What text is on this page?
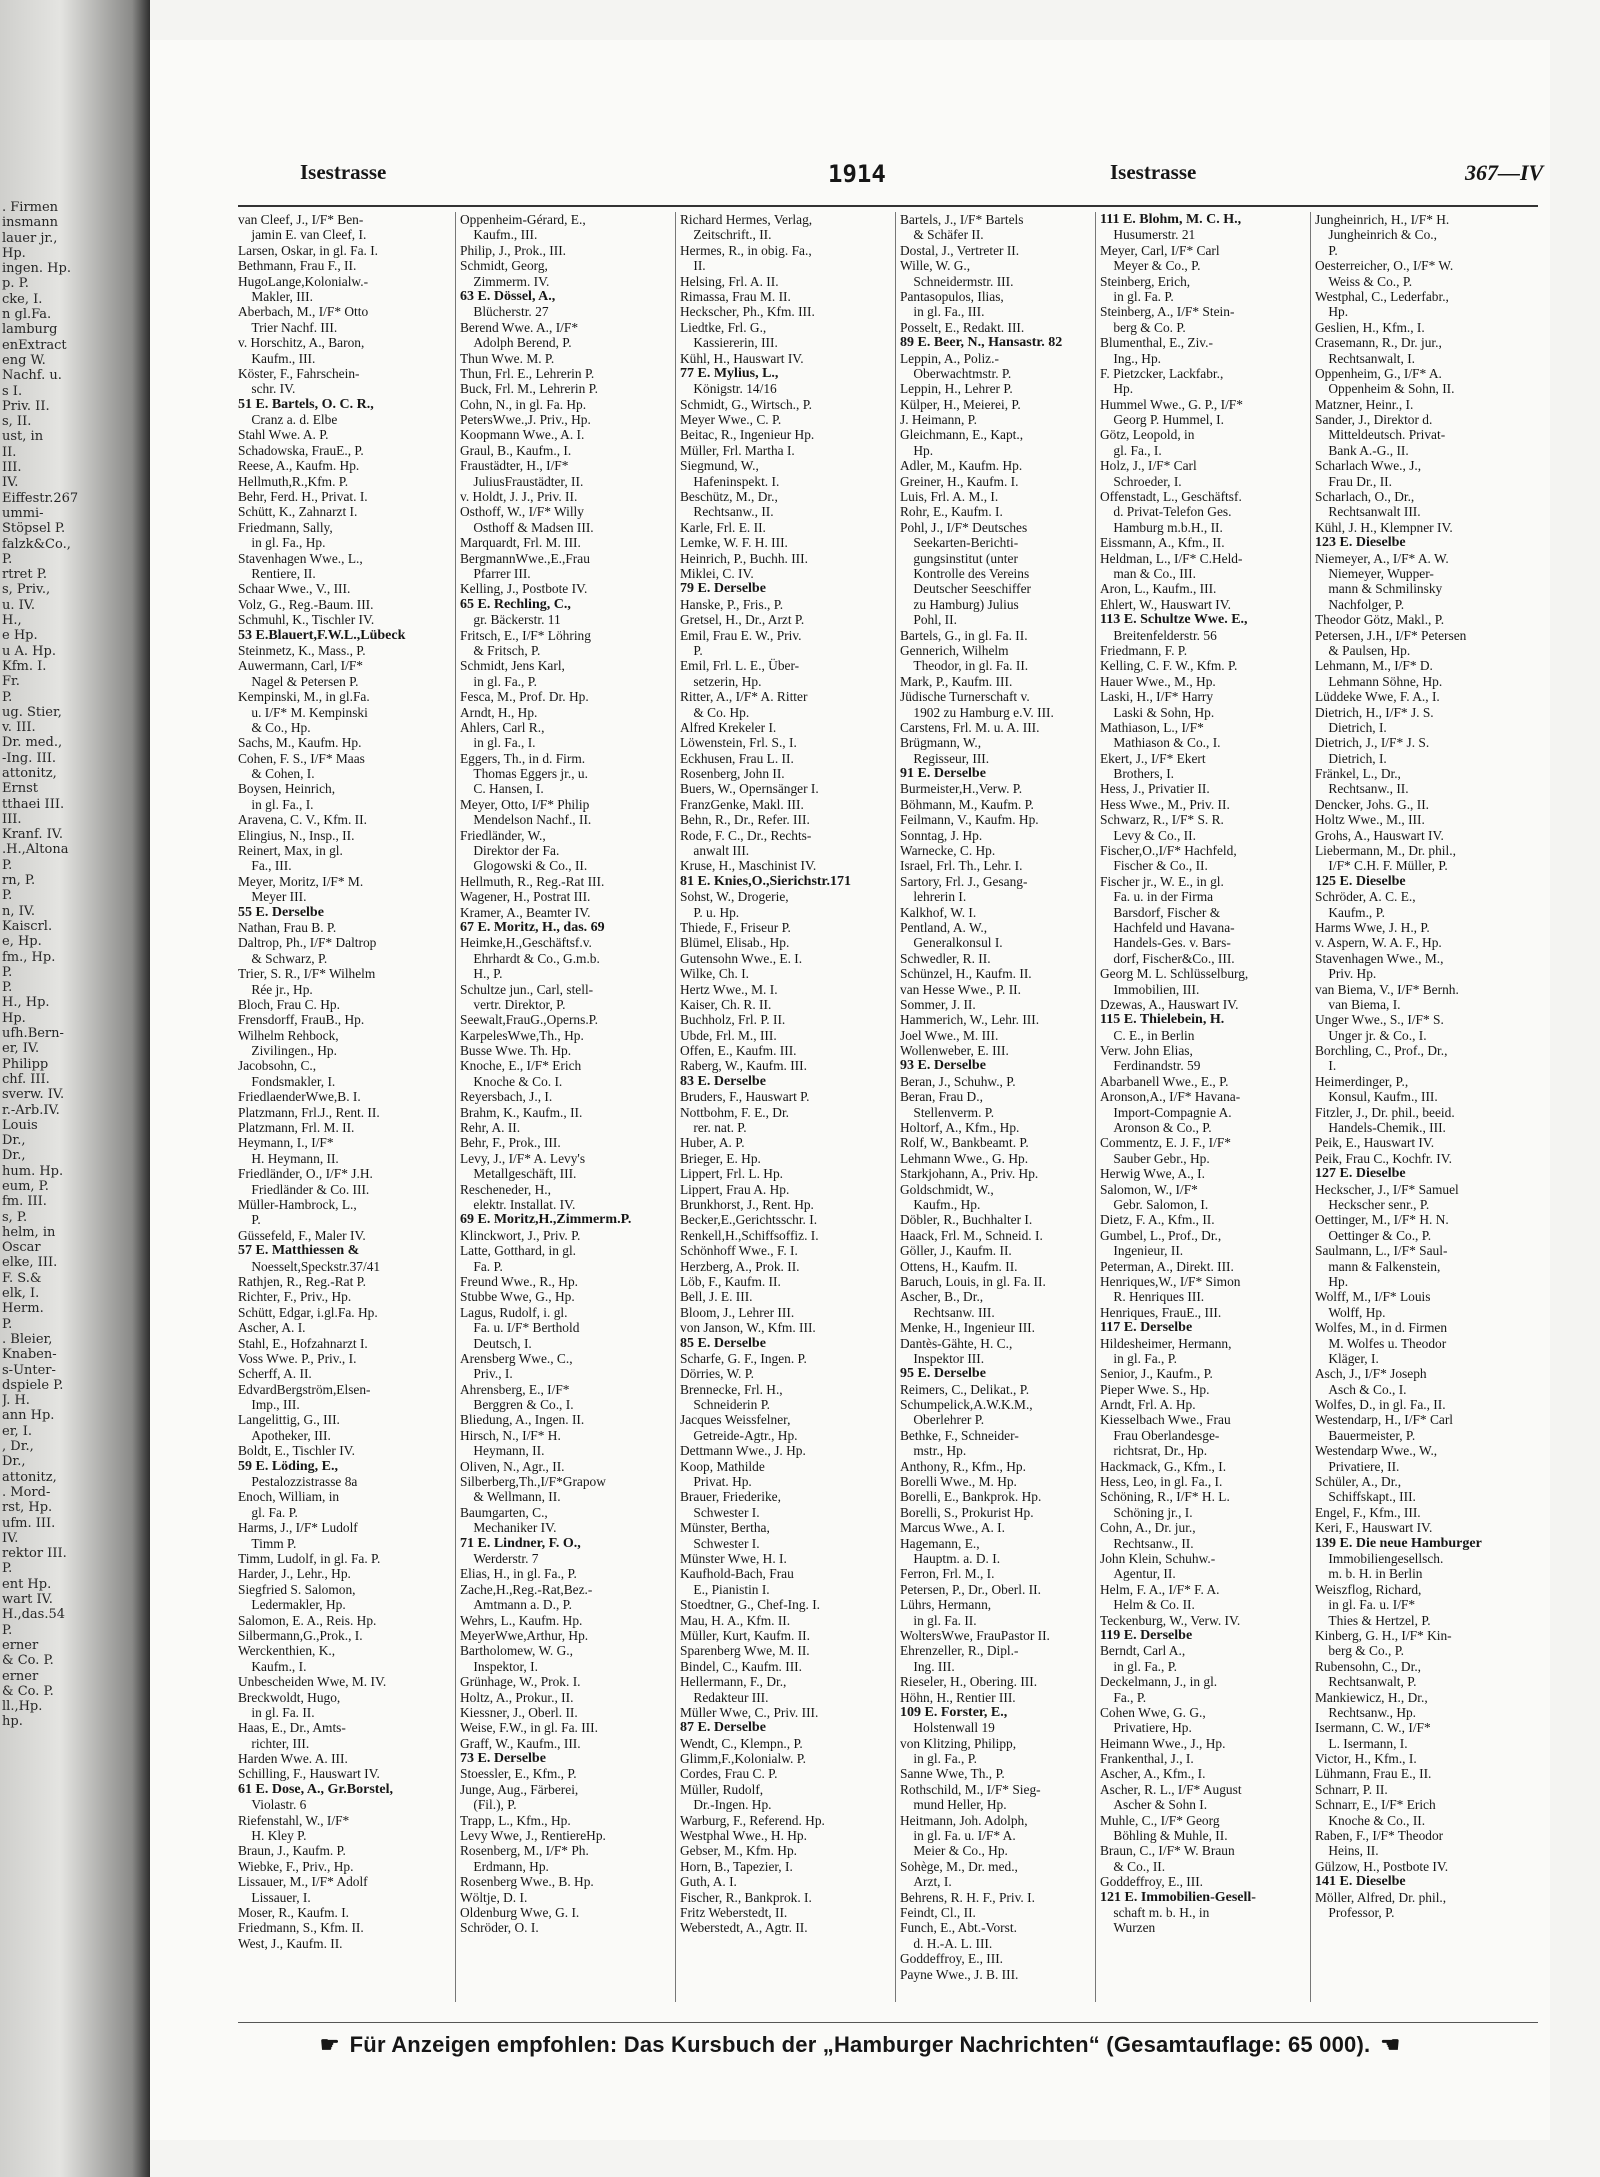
. Firmen
insmann
lauer jr.,
Hp.
ingen. Hp.
p. P.
cke, I.
n gl.Fa.
lamburg
enExtract
eng W.
Nachf. u.
s I.
Priv. II.
s, II.
ust, in
II.
III.
IV.
Eiffestr.267
ummi-
Stöpsel P.
falzk&Co.,
P.
rtret P.
s, Priv.,
u. IV.
H.,
e Hp.
u A. Hp.
Kfm. I.
Fr.
P.
ug. Stier,
v. III.
Dr. med.,
-Ing. III.
attonitz,
Ernst
tthaei III.
III.
Kranf. IV.
.H.,Altona
P.
rn, P.
P.
n, IV.
Kaiscrl.
e, Hp.
fm., Hp.
P.
P.
H., Hp.
Hp.
ufh.Bern-
er, IV.
Philipp
chf. III.
sverw. IV.
r.-Arb.IV.
Louis
Dr.,
Dr.,
hum. Hp.
eum, P.
fm. III.
s, P.
helm, in
Oscar
elke, III.
F. S.&
elk, I.
Herm.
P.
. Bleier,
Knaben-
s-Unter-
dspiele P.
J. H.
ann Hp.
er, I.
, Dr.,
Dr.,
attonitz,
. Mord-
rst, Hp.
ufm. III.
IV.
rektor III.
P.
ent Hp.
wart IV.
H.,das.54
P.
erner
& Co. P.
erner
& Co. P.
ll.,Hp.
hp.
Isestrasse	1914	Isestrasse	367—IV
van Cleef, J., I/F* Ben-
 jamin E. van Cleef, I.
Larsen, Oskar, in gl. Fa. I.
Bethmann, Frau F., II.
HugoLange,Kolonialw.-
 Makler, III.
Aberbach, M., I/F* Otto
 Trier Nachf. III.
v. Horschitz, A., Baron,
 Kaufm., III.
Köster, F., Fahrschein-
 schr. IV.
51 E. Bartels, O. C. R.,
 Cranz a. d. Elbe
Stahl Wwe. A. P.
Schadowska, FrauE., P.
Reese, A., Kaufm. Hp.
Hellmuth,R.,Kfm. P.
Behr, Ferd. H., Privat. I.
Schütt, K., Zahnarzt I.
Friedmann, Sally,
 in gl. Fa., Hp.
Stavenhagen Wwe., L.,
 Rentiere, II.
Schaar Wwe., V., III.
Volz, G., Reg.-Baum. III.
Schmuhl, K., Tischler IV.
53 E.Blauert,F.W.L.,Lübeck
Steinmetz, K., Mass., P.
Auwermann, Carl, I/F*
 Nagel & Petersen P.
Kempinski, M., in gl.Fa.
 u. I/F* M. Kempinski
 & Co., Hp.
Sachs, M., Kaufm. Hp.
Cohen, F. S., I/F* Maas
 & Cohen, I.
Boysen, Heinrich,
 in gl. Fa., I.
Aravena, C. V., Kfm. II.
Elingius, N., Insp., II.
Reinert, Max, in gl.
 Fa., III.
Meyer, Moritz, I/F* M.
 Meyer III.
55 E. Derselbe
Nathan, Frau B. P.
Daltrop, Ph., I/F* Daltrop
 & Schwarz, P.
Trier, S. R., I/F* Wilhelm
 Rée jr., Hp.
Bloch, Frau C. Hp.
Frensdorff, FrauB., Hp.
Wilhelm Rehbock,
 Zivilingen., Hp.
Jacobsohn, C.,
 Fondsmakler, I.
FriedlaenderWwe,B. I.
Platzmann, Frl.J., Rent. II.
Platzmann, Frl. M. II.
Heymann, I., I/F*
 H. Heymann, II.
Friedländer, O., I/F* J.H.
 Friedländer & Co. III.
Müller-Hambrock, L.,
 P.
Güssefeld, F., Maler IV.
57 E. Matthiessen &
 Noesselt,Speckstr.37/41
Rathjen, R., Reg.-Rat P.
Richter, F., Priv., Hp.
Schütt, Edgar, i.gl.Fa. Hp.
Ascher, A. I.
Stahl, E., Hofzahnarzt I.
Voss Wwe. P., Priv., I.
Scherff, A. II.
EdvardBergström,Elsen-
 Imp., III.
Langelittig, G., III.
 Apotheker, III.
Boldt, E., Tischler IV.
59 E. Löding, E.,
 Pestalozzistrasse 8a
Enoch, William, in
 gl. Fa. P.
Harms, J., I/F* Ludolf
 Timm P.
Timm, Ludolf, in gl. Fa. P.
Harder, J., Lehr., Hp.
Siegfried S. Salomon,
 Ledermakler, Hp.
Salomon, E. A., Reis. Hp.
Silbermann,G.,Prok., I.
Werckenthien, K.,
 Kaufm., I.
Unbescheiden Wwe, M. IV.
Breckwoldt, Hugo,
 in gl. Fa. II.
Haas, E., Dr., Amts-
 richter, III.
Harden Wwe. A. III.
Schilling, F., Hauswart IV.
61 E. Dose, A., Gr.Borstel,
 Violastr. 6
Riefenstahl, W., I/F*
 H. Kley P.
Braun, J., Kaufm. P.
Wiebke, F., Priv., Hp.
Lissauer, M., I/F* Adolf
 Lissauer, I.
Moser, R., Kaufm. I.
Friedmann, S., Kfm. II.
West, J., Kaufm. II.
Oppenheim-Gérard, E.,
 Kaufm., III.
Philip, J., Prok., III.
Schmidt, Georg,
 Zimmerm. IV.
63 E. Dössel, A.,
 Blücherstr. 27
Berend Wwe. A., I/F*
 Adolph Berend, P.
Thun Wwe. M. P.
Thun, Frl. E., Lehrerin P.
Buck, Frl. M., Lehrerin P.
Cohn, N., in gl. Fa. Hp.
PetersWwe.,J. Priv., Hp.
Koopmann Wwe., A. I.
Graul, B., Kaufm., I.
Fraustädter, H., I/F*
 JuliusFraustädter, II.
v. Holdt, J. J., Priv. II.
Osthoff, W., I/F* Willy
 Osthoff & Madsen III.
Marquardt, Frl. M. III.
BergmannWwe.,E.,Frau
 Pfarrer III.
Kelling, J., Postbote IV.
65 E. Rechling, C.,
 gr. Bäckerstr. 11
Fritsch, E., I/F* Löhring
 & Fritsch, P.
Schmidt, Jens Karl,
 in gl. Fa., P.
Fesca, M., Prof. Dr. Hp.
Arndt, H., Hp.
Ahlers, Carl R.,
 in gl. Fa., I.
Eggers, Th., in d. Firm.
 Thomas Eggers jr., u.
 C. Hansen, I.
Meyer, Otto, I/F* Philip
 Mendelson Nachf., II.
Friedländer, W.,
 Direktor der Fa.
 Glogowski & Co., II.
Hellmuth, R., Reg.-Rat III.
Wagener, H., Postrat III.
Kramer, A., Beamter IV.
67 E. Moritz, H., das. 69
Heimke,H.,Geschäftsf.v.
 Ehrhardt & Co., G.m.b.
 H., P.
Schultze jun., Carl, stell-
 vertr. Direktor, P.
Seewalt,FrauG.,Operns.P.
KarpelesWwe,Th., Hp.
Busse Wwe. Th. Hp.
Knoche, E., I/F* Erich
 Knoche & Co. I.
Reyersbach, J., I.
Brahm, K., Kaufm., II.
Rehr, A. II.
Behr, F., Prok., III.
Levy, J., I/F* A. Levy's
 Metallgeschäft, III.
Rescheneder, H.,
 elektr. Installat. IV.
69 E. Moritz,H.,Zimmerm.P.
Klinckwort, J., Priv. P.
Latte, Gotthard, in gl.
 Fa. P.
Freund Wwe., R., Hp.
Stubbe Wwe, G., Hp.
Lagus, Rudolf, i. gl.
 Fa. u. I/F* Berthold
 Deutsch, I.
Arensberg Wwe., C.,
 Priv., I.
Ahrensberg, E., I/F*
 Berggren & Co., I.
Bliedung, A., Ingen. II.
Hirsch, N., I/F* H.
 Heymann, II.
Oliven, N., Agr., II.
Silberberg,Th.,I/F*Grapow
 & Wellmann, II.
Baumgarten, C.,
 Mechaniker IV.
71 E. Lindner, F. O.,
 Werderstr. 7
Elias, H., in gl. Fa., P.
Zache,H.,Reg.-Rat,Bez.-
 Amtmann a. D., P.
Wehrs, L., Kaufm. Hp.
MeyerWwe,Arthur, Hp.
Bartholomew, W. G.,
 Inspektor, I.
Grünhage, W., Prok. I.
Holtz, A., Prokur., II.
Kiessner, J., Oberl. II.
Weise, F.W., in gl. Fa. III.
Graff, W., Kaufm., III.
73 E. Derselbe
Stoessler, E., Kfm., P.
Junge, Aug., Färberei,
 (Fil.), P.
Trapp, L., Kfm., Hp.
Levy Wwe, J., RentiereHp.
Rosenberg, M., I/F* Ph.
 Erdmann, Hp.
Rosenberg Wwe., B. Hp.
Wöltje, D. I.
Oldenburg Wwe, G. I.
Schröder, O. I.
Richard Hermes, Verlag,
 Zeitschrift., II.
Hermes, R., in obig. Fa.,
 II.
Helsing, Frl. A. II.
Rimassa, Frau M. II.
Heckscher, Ph., Kfm. III.
Liedtke, Frl. G.,
 Kassiererin, III.
Kühl, H., Hauswart IV.
77 E. Mylius, L.,
 Königstr. 14/16
Schmidt, G., Wirtsch., P.
Meyer Wwe., C. P.
Beitac, R., Ingenieur Hp.
Müller, Frl. Martha I.
Siegmund, W.,
 Hafeninspekt. I.
Beschütz, M., Dr.,
 Rechtsanw., II.
Karle, Frl. E. II.
Lemke, W. F. H. III.
Heinrich, P., Buchh. III.
Miklei, C. IV.
79 E. Derselbe
Hanske, P., Fris., P.
Gretsel, H., Dr., Arzt P.
Emil, Frau E. W., Priv.
 P.
Emil, Frl. L. E., Über-
 setzerin, Hp.
Ritter, A., I/F* A. Ritter
 & Co. Hp.
Alfred Krekeler I.
Löwenstein, Frl. S., I.
Eckhusen, Frau L. II.
Rosenberg, John II.
Buers, W., Opernsänger I.
FranzGenke, Makl. III.
Behn, R., Dr., Refer. III.
Rode, F. C., Dr., Rechts-
 anwalt III.
Kruse, H., Maschinist IV.
81 E. Knies,O.,Sierichstr.171
Sohst, W., Drogerie,
 P. u. Hp.
Thiede, F., Friseur P.
Blümel, Elisab., Hp.
Gutensohn Wwe., E. I.
Wilke, Ch. I.
Hertz Wwe., M. I.
Kaiser, Ch. R. II.
Buchholz, Frl. P. II.
Ubde, Frl. M., III.
Offen, E., Kaufm. III.
Raberg, W., Kaufm. III.
83 E. Derselbe
Bruders, F., Hauswart P.
Nottbohm, F. E., Dr.
 rer. nat. P.
Huber, A. P.
Brieger, E. Hp.
Lippert, Frl. L. Hp.
Lippert, Frau A. Hp.
Brunkhorst, J., Rent. Hp.
Becker,E.,Gerichtsschr. I.
Renkell,H.,Schiffsoffiz. I.
Schönhoff Wwe., F. I.
Herzberg, A., Prok. II.
Löb, F., Kaufm. II.
Bell, J. E. III.
Bloom, J., Lehrer III.
von Janson, W., Kfm. III.
85 E. Derselbe
Scharfe, G. F., Ingen. P.
Dörries, W. P.
Brennecke, Frl. H.,
 Schneiderin P.
Jacques Weissfelner,
 Getreide-Agtr., Hp.
Dettmann Wwe., J. Hp.
Koop, Mathilde
 Privat. Hp.
Brauer, Friederike,
 Schwester I.
Münster, Bertha,
 Schwester I.
Münster Wwe, H. I.
Kaufhold-Bach, Frau
 E., Pianistin I.
Stoedtner, G., Chef-Ing. I.
Mau, H. A., Kfm. II.
Müller, Kurt, Kaufm. II.
Sparenberg Wwe, M. II.
Bindel, C., Kaufm. III.
Hellermann, F., Dr.,
 Redakteur III.
Müller Wwe, C., Priv. III.
87 E. Derselbe
Wendt, C., Klempn., P.
Glimm,F.,Kolonialw. P.
Cordes, Frau C. P.
Müller, Rudolf,
 Dr.-Ingen. Hp.
Warburg, F., Referend. Hp.
Westphal Wwe., H. Hp.
Gebser, M., Kfm. Hp.
Horn, B., Tapezier, I.
Guth, A. I.
Fischer, R., Bankprok. I.
Fritz Weberstedt, II.
Weberstedt, A., Agtr. II.
Bartels, J., I/F* Bartels
 & Schäfer II.
Dostal, J., Vertreter II.
Wille, W. G.,
 Schneidermstr. III.
Pantasopulos, Ilias,
 in gl. Fa., III.
Posselt, E., Redakt. III.
89 E. Beer, N., Hansastr. 82
Leppin, A., Poliz.-
 Oberwachtmstr. P.
Leppin, H., Lehrer P.
Külper, H., Meierei, P.
J. Heimann, P.
Gleichmann, E., Kapt.,
 Hp.
Adler, M., Kaufm. Hp.
Greiner, H., Kaufm. I.
Luis, Frl. A. M., I.
Rohr, E., Kaufm. I.
Pohl, J., I/F* Deutsches
 Seekarten-Berichti-
 gungsinstitut (unter
 Kontrolle des Vereins
 Deutscher Seeschiffer
 zu Hamburg) Julius
 Pohl, II.
Bartels, G., in gl. Fa. II.
Gennerich, Wilhelm
 Theodor, in gl. Fa. II.
Mark, P., Kaufm. III.
Jüdische Turnerschaft v.
 1902 zu Hamburg e.V. III.
Carstens, Frl. M. u. A. III.
Brügmann, W.,
 Regisseur, III.
91 E. Derselbe
Burmeister,H.,Verw. P.
Böhmann, M., Kaufm. P.
Feilmann, V., Kaufm. Hp.
Sonntag, J. Hp.
Warnecke, C. Hp.
Israel, Frl. Th., Lehr. I.
Sartory, Frl. J., Gesang-
 lehrerin I.
Kalkhof, W. I.
Pentland, A. W.,
 Generalkonsul I.
Schwedler, R. II.
Schünzel, H., Kaufm. II.
van Hesse Wwe., P. II.
Sommer, J. II.
Hammerich, W., Lehr. III.
Joel Wwe., M. III.
Wollenweber, E. III.
93 E. Derselbe
Beran, J., Schuhw., P.
Beran, Frau D.,
 Stellenverm. P.
Holtorf, A., Kfm., Hp.
Rolf, W., Bankbeamt. P.
Lehmann Wwe., G. Hp.
Starkjohann, A., Priv. Hp.
Goldschmidt, W.,
 Kaufm., Hp.
Döbler, R., Buchhalter I.
Haack, Frl. M., Schneid. I.
Göller, J., Kaufm. II.
Ottens, H., Kaufm. II.
Baruch, Louis, in gl. Fa. II.
Ascher, B., Dr.,
 Rechtsanw. III.
Menke, H., Ingenieur III.
Dantès-Gähte, H. C.,
 Inspektor III.
95 E. Derselbe
Reimers, C., Delikat., P.
Schumpelick,A.W.K.M.,
 Oberlehrer P.
Bethke, F., Schneider-
 mstr., Hp.
Anthony, R., Kfm., Hp.
Borelli Wwe., M. Hp.
Borelli, E., Bankprok. Hp.
Borelli, S., Prokurist Hp.
Marcus Wwe., A. I.
Hagemann, E.,
 Hauptm. a. D. I.
Ferron, Frl. M., I.
Petersen, P., Dr., Oberl. II.
Lührs, Hermann,
 in gl. Fa. II.
WoltersWwe, FrauPastor II.
Ehrenzeller, R., Dipl.-
 Ing. III.
Rieseler, H., Obering. III.
Höhn, H., Rentier III.
109 E. Forster, E.,
 Holstenwall 19
von Klitzing, Philipp,
 in gl. Fa., P.
Sanne Wwe, Th., P.
Rothschild, M., I/F* Sieg-
 mund Heller, Hp.
Heitmann, Joh. Adolph,
 in gl. Fa. u. I/F* A.
 Meier & Co., Hp.
Sohège, M., Dr. med.,
 Arzt, I.
Behrens, R. H. F., Priv. I.
Feindt, Cl., II.
Funch, E., Abt.-Vorst.
 d. H.-A. L. III.
Goddeffroy, E., III.
Payne Wwe., J. B. III.
111 E. Blohm, M. C. H.,
 Husumerstr. 21
Meyer, Carl, I/F* Carl
 Meyer & Co., P.
Steinberg, Erich,
 in gl. Fa. P.
Steinberg, A., I/F* Stein-
 berg & Co. P.
Blumenthal, E., Ziv.-
 Ing., Hp.
F. Pietzcker, Lackfabr.,
 Hp.
Hummel Wwe., G. P., I/F*
 Georg P. Hummel, I.
Götz, Leopold, in
 gl. Fa., I.
Holz, J., I/F* Carl
 Schroeder, I.
Offenstadt, L., Geschäftsf.
 d. Privat-Telefon Ges.
 Hamburg m.b.H., II.
Eissmann, A., Kfm., II.
Heldman, L., I/F* C.Held-
 man & Co., III.
Aron, L., Kaufm., III.
Ehlert, W., Hauswart IV.
113 E. Schultze Wwe. E.,
 Breitenfelderstr. 56
Friedmann, F. P.
Kelling, C. F. W., Kfm. P.
Hauer Wwe., M., Hp.
Laski, H., I/F* Harry
 Laski & Sohn, Hp.
Mathiason, L., I/F*
 Mathiason & Co., I.
Ekert, J., I/F* Ekert
 Brothers, I.
Hess, J., Privatier II.
Hess Wwe., M., Priv. II.
Schwarz, R., I/F* S. R.
 Levy & Co., II.
Fischer,O.,I/F* Hachfeld,
 Fischer & Co., II.
Fischer jr., W. E., in gl.
 Fa. u. in der Firma
 Barsdorf, Fischer &
 Hachfeld und Havana-
 Handels-Ges. v. Bars-
 dorf, Fischer&Co., III.
Georg M. L. Schlüsselburg,
 Immobilien, III.
Dzewas, A., Hauswart IV.
115 E. Thielebein, H.
 C. E., in Berlin
Verw. John Elias,
 Ferdinandstr. 59
Abarbanell Wwe., E., P.
Aronson,A., I/F* Havana-
 Import-Compagnie A.
 Aronson & Co., P.
Commentz, E. J. F., I/F*
 Sauber Gebr., Hp.
Herwig Wwe, A., I.
Salomon, W., I/F*
 Gebr. Salomon, I.
Dietz, F. A., Kfm., II.
Gumbel, L., Prof., Dr.,
 Ingenieur, II.
Peterman, A., Direkt. III.
Henriques,W., I/F* Simon
 R. Henriques III.
Henriques, FrauE., III.
117 E. Derselbe
Hildesheimer, Hermann,
 in gl. Fa., P.
Senior, J., Kaufm., P.
Pieper Wwe. S., Hp.
Arndt, Frl. A. Hp.
Kiesselbach Wwe., Frau
 Frau Oberlandesge-
 richtsrat, Dr., Hp.
Hackmack, G., Kfm., I.
Hess, Leo, in gl. Fa., I.
Schöning, R., I/F* H. L.
 Schöning jr., I.
Cohn, A., Dr. jur.,
 Rechtsanw., II.
John Klein, Schuhw.-
 Agentur, II.
Helm, F. A., I/F* F. A.
 Helm & Co. II.
Teckenburg, W., Verw. IV.
119 E. Derselbe
Berndt, Carl A.,
 in gl. Fa., P.
Deckelmann, J., in gl.
 Fa., P.
Cohen Wwe, G. G.,
 Privatiere, Hp.
Heimann Wwe., J., Hp.
Frankenthal, J., I.
Ascher, A., Kfm., I.
Ascher, R. L., I/F* August
 Ascher & Sohn I.
Muhle, C., I/F* Georg
 Böhling & Muhle, II.
Braun, C., I/F* W. Braun
 & Co., II.
Goddeffroy, E., III.
121 E. Immobilien-Gesell-
 schaft m. b. H., in
 Wurzen
Jungheinrich, H., I/F* H.
 Jungheinrich & Co.,
 P.
Oesterreicher, O., I/F* W.
 Weiss & Co., P.
Westphal, C., Lederfabr.,
 Hp.
Geslien, H., Kfm., I.
Crasemann, R., Dr. jur.,
 Rechtsanwalt, I.
Oppenheim, G., I/F* A.
 Oppenheim & Sohn, II.
Matzner, Heinr., I.
Sander, J., Direktor d.
 Mitteldeutsch. Privat-
 Bank A.-G., II.
Scharlach Wwe., J.,
 Frau Dr., II.
Scharlach, O., Dr.,
 Rechtsanwalt III.
Kühl, J. H., Klempner IV.
123 E. Dieselbe
Niemeyer, A., I/F* A. W.
 Niemeyer, Wupper-
 mann & Schmilinsky
 Nachfolger, P.
Theodor Götz, Makl., P.
Petersen, J.H., I/F* Petersen
 & Paulsen, Hp.
Lehmann, M., I/F* D.
 Lehmann Söhne, Hp.
Lüddeke Wwe, F. A., I.
Dietrich, H., I/F* J. S.
 Dietrich, I.
Dietrich, J., I/F* J. S.
 Dietrich, I.
Fränkel, L., Dr.,
 Rechtsanw., II.
Dencker, Johs. G., II.
Holtz Wwe., M., III.
Grohs, A., Hauswart IV.
Liebermann, M., Dr. phil.,
 I/F* C.H. F. Müller, P.
125 E. Dieselbe
Schröder, A. C. E.,
 Kaufm., P.
Harms Wwe, J. H., P.
v. Aspern, W. A. F., Hp.
Stavenhagen Wwe., M.,
 Priv. Hp.
van Biema, V., I/F* Bernh.
 van Biema, I.
Unger Wwe., S., I/F* S.
 Unger jr. & Co., I.
Borchling, C., Prof., Dr.,
 I.
Heimerdinger, P.,
 Konsul, Kaufm., III.
Fitzler, J., Dr. phil., beeid.
 Handels-Chemik., III.
Peik, E., Hauswart IV.
Peik, Frau C., Kochfr. IV.
127 E. Dieselbe
Heckscher, J., I/F* Samuel
 Heckscher senr., P.
Oettinger, M., I/F* H. N.
 Oettinger & Co., P.
Saulmann, L., I/F* Saul-
 mann & Falkenstein,
 Hp.
Wolff, M., I/F* Louis
 Wolff, Hp.
Wolfes, M., in d. Firmen
 M. Wolfes u. Theodor
 Kläger, I.
Asch, J., I/F* Joseph
 Asch & Co., I.
Wolfes, D., in gl. Fa., II.
Westendarp, H., I/F* Carl
 Bauermeister, P.
Westendarp Wwe., W.,
 Privatiere, II.
Schüler, A., Dr.,
 Schiffskapt., III.
Engel, F., Kfm., III.
Keri, F., Hauswart IV.
139 E. Die neue Hamburger
 Immobiliengesellsch.
 m. b. H. in Berlin
Weiszflog, Richard,
 in gl. Fa. u. I/F*
 Thies & Hertzel, P.
Kinberg, G. H., I/F* Kin-
 berg & Co., P.
Rubensohn, C., Dr.,
 Rechtsanwalt, P.
Mankiewicz, H., Dr.,
 Rechtsanw., Hp.
Isermann, C. W., I/F*
 L. Isermann, I.
Victor, H., Kfm., I.
Lühmann, Frau E., II.
Schnarr, P. II.
Schnarr, E., I/F* Erich
 Knoche & Co., II.
Raben, F., I/F* Theodor
 Heins, II.
Gülzow, H., Postbote IV.
141 E. Dieselbe
Möller, Alfred, Dr. phil.,
 Professor, P.
☛ Für Anzeigen empfohlen: Das Kursbuch der „Hamburger Nachrichten“ (Gesamtauflage: 65 000). ☚
